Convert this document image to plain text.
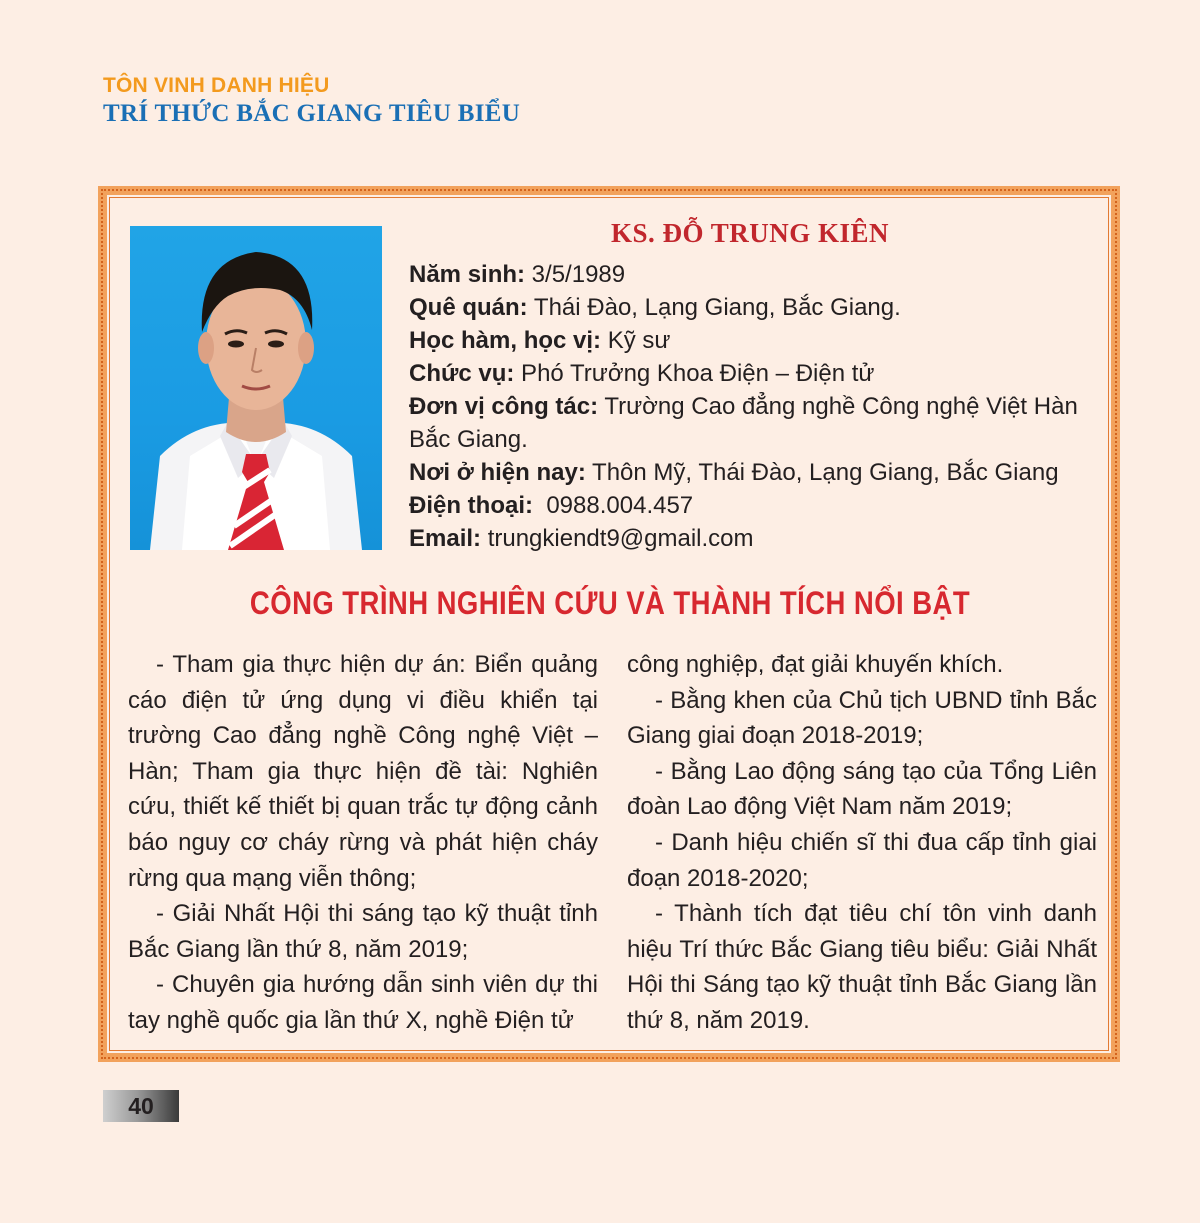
TÔN VINH DANH HIỆU
TRÍ THỨC BẮC GIANG TIÊU BIỂU
KS. ĐỖ TRUNG KIÊN
Năm sinh: 3/5/1989
Quê quán: Thái Đào, Lạng Giang, Bắc Giang.
Học hàm, học vị: Kỹ sư
Chức vụ: Phó Trưởng Khoa Điện – Điện tử
Đơn vị công tác: Trường Cao đẳng nghề Công nghệ Việt Hàn
Bắc Giang.
Nơi ở hiện nay: Thôn Mỹ, Thái Đào, Lạng Giang, Bắc Giang
Điện thoại:  0988.004.457
Email: trungkiendt9@gmail.com
CÔNG TRÌNH NGHIÊN CỨU VÀ THÀNH TÍCH NỔI BẬT

- Tham gia thực hiện dự án: Biển quảng cáo điện tử ứng dụng vi điều khiển tại trường Cao đẳng nghề Công nghệ Việt – Hàn; Tham gia thực hiện đề tài: Nghiên cứu, thiết kế thiết bị quan trắc tự động cảnh báo nguy cơ cháy rừng và phát hiện cháy rừng qua mạng viễn thông;

- Giải Nhất Hội thi sáng tạo kỹ thuật tỉnh Bắc Giang lần thứ 8, năm 2019;

- Chuyên gia hướng dẫn sinh viên dự thi tay nghề quốc gia lần thứ X, nghề Điện tử

công nghiệp, đạt giải khuyến khích.

- Bằng khen của Chủ tịch UBND tỉnh Bắc Giang giai đoạn 2018-2019;

- Bằng Lao động sáng tạo của Tổng Liên đoàn Lao động Việt Nam năm 2019;

- Danh hiệu chiến sĩ thi đua cấp tỉnh giai đoạn 2018-2020;

- Thành tích đạt tiêu chí tôn vinh danh hiệu Trí thức Bắc Giang tiêu biểu: Giải Nhất Hội thi Sáng tạo kỹ thuật tỉnh Bắc Giang lần thứ 8, năm 2019.

40
